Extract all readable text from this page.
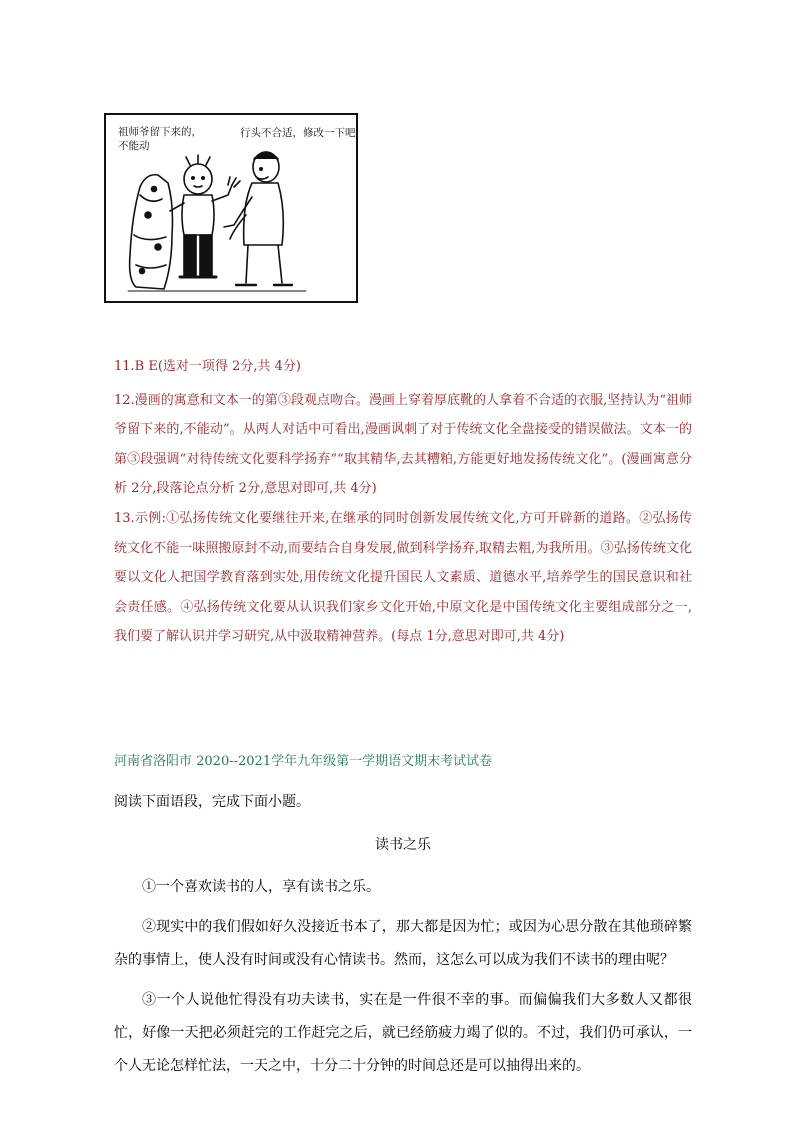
祖师爷留下来的，不能动
行头不合适，修改一下吧

11.B E(选对一项得 2分,共 4分)

12.漫画的寓意和文本一的第③段观点吻合。漫画上穿着厚底靴的人拿着不合适的衣服,坚持认为“祖师爷留下来的,不能动”。从两人对话中可看出,漫画讽刺了对于传统文化全盘接受的错误做法。文本一的第③段强调“对待传统文化要科学扬弃”“取其精华,去其糟粕,方能更好地发扬传统文化”。(漫画寓意分析 2分,段落论点分析 2分,意思对即可,共 4分)

13.示例:①弘扬传统文化要继往开来,在继承的同时创新发展传统文化,方可开辟新的道路。②弘扬传统文化不能一味照搬原封不动,而要结合自身发展,做到科学扬弃,取精去粗,为我所用。③弘扬传统文化要以文化人把国学教育落到实处,用传统文化提升国民人文素质、道德水平,培养学生的国民意识和社会责任感。④弘扬传统文化要从认识我们家乡文化开始,中原文化是中国传统文化主要组成部分之一,我们要了解认识并学习研究,从中汲取精神营养。(每点 1分,意思对即可,共 4分)

河南省洛阳市 2020--2021学年九年级第一学期语文期末考试试卷

阅读下面语段，完成下面小题。

读书之乐

①一个喜欢读书的人，享有读书之乐。

②现实中的我们假如好久没接近书本了，那大都是因为忙；或因为心思分散在其他琐碎繁杂的事情上，使人没有时间或没有心情读书。然而，这怎么可以成为我们不读书的理由呢？

③一个人说他忙得没有功夫读书，实在是一件很不幸的事。而偏偏我们大多数人又都很忙，好像一天把必须赶完的工作赶完之后，就已经筋疲力竭了似的。不过，我们仍可承认，一个人无论怎样忙法，一天之中，十分二十分钟的时间总还是可以抽得出来的。
